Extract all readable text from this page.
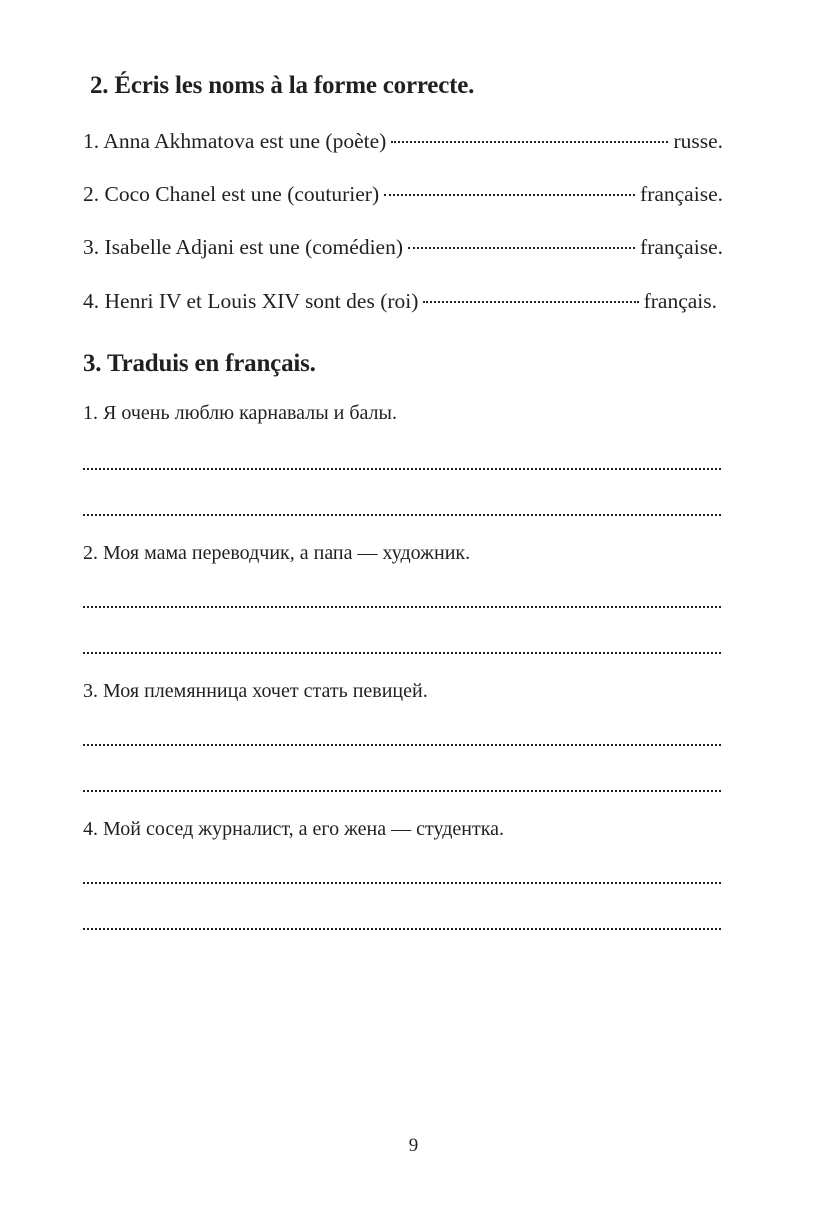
2. Écris les noms à la forme correcte.
1. Anna Akhmatova est une (poète)	russe.
2. Coco Chanel est une (couturier)	française.
3. Isabelle Adjani est une (comédien)	française.
4. Henri IV et Louis XIV sont des (roi)	français.
3. Traduis en français.
1. Я очень люблю карнавалы и балы.
2. Моя мама переводчик, а папа — художник.
3. Моя племянница хочет стать певицей.
4. Мой сосед журналист, а его жена — студентка.
9
